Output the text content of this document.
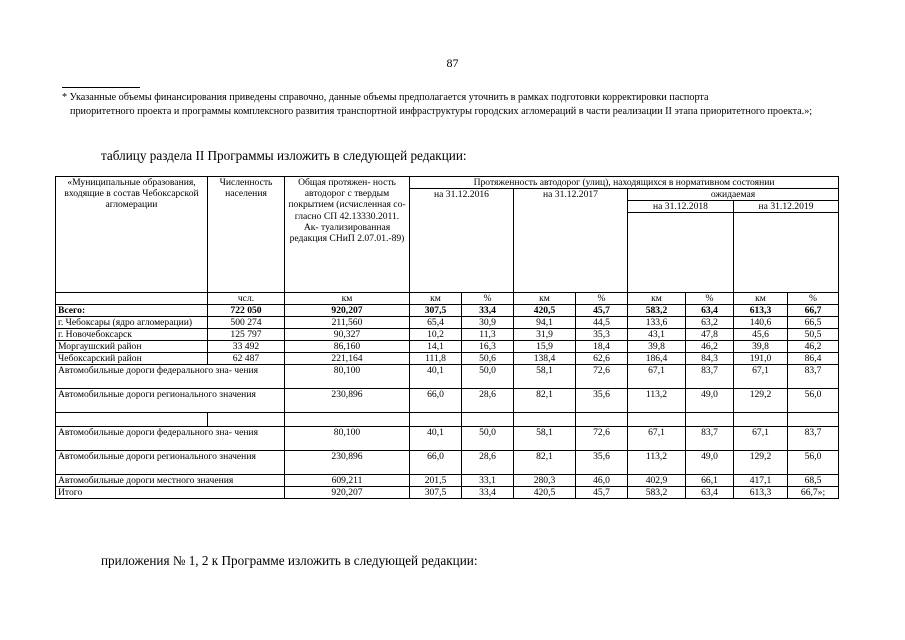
87
* Указанные объемы финансирования приведены справочно, данные объемы предполагается уточнить в рамках подготовки корректировки паспорта
приоритетного проекта и программы комплексного развития транспортной инфраструктуры городских агломераций в части реализации II этапа приоритетного проекта.»;
таблицу раздела II Программы изложить в следующей редакции:
«Муниципальные образования, входящие в состав Чебоксарской агломерации	Численность населения	Общая протяжен- ность автодорог с твердым покрытием (исчисленная со- гласно СП 42.13330.2011. Ак- туализированная редакция СНиП 2.07.01.-89)	Протяженность автодорог (улиц), находящихся в нормативном состоянии							
			на 31.12.2016		на 31.12.2017		ожидаемая			
							на 31.12.2018		на 31.12.2019	

	чсл.	км	км	%	км	%	км	%	км	%
Всего:	722 050	920,207	307,5	33,4	420,5	45,7	583,2	63,4	613,3	66,7
г. Чебоксары (ядро агломерации)	500 274	211,560	65,4	30,9	94,1	44,5	133,6	63,2	140,6	66,5
г. Новочебоксарск	125 797	90,327	10,2	11,3	31,9	35,3	43,1	47,8	45,6	50,5
Моргаушский район	33 492	86,160	14,1	16,3	15,9	18,4	39,8	46,2	39,8	46,2
Чебоксарский район	62 487	221,164	111,8	50,6	138,4	62,6	186,4	84,3	191,0	86,4
Автомобильные дороги федерального зна- чения		80,100	40,1	50,0	58,1	72,6	67,1	83,7	67,1	83,7
Автомобильные дороги регионального значения		230,896	66,0	28,6	82,1	35,6	113,2	49,0	129,2	56,0

Автомобильные дороги федерального зна- чения		80,100	40,1	50,0	58,1	72,6	67,1	83,7	67,1	83,7
Автомобильные дороги регионального значения		230,896	66,0	28,6	82,1	35,6	113,2	49,0	129,2	56,0
Автомобильные дороги местного значения		609,211	201,5	33,1	280,3	46,0	402,9	66,1	417,1	68,5
Итого		920,207	307,5	33,4	420,5	45,7	583,2	63,4	613,3	66,7»;
приложения № 1, 2 к Программе изложить в следующей редакции:
